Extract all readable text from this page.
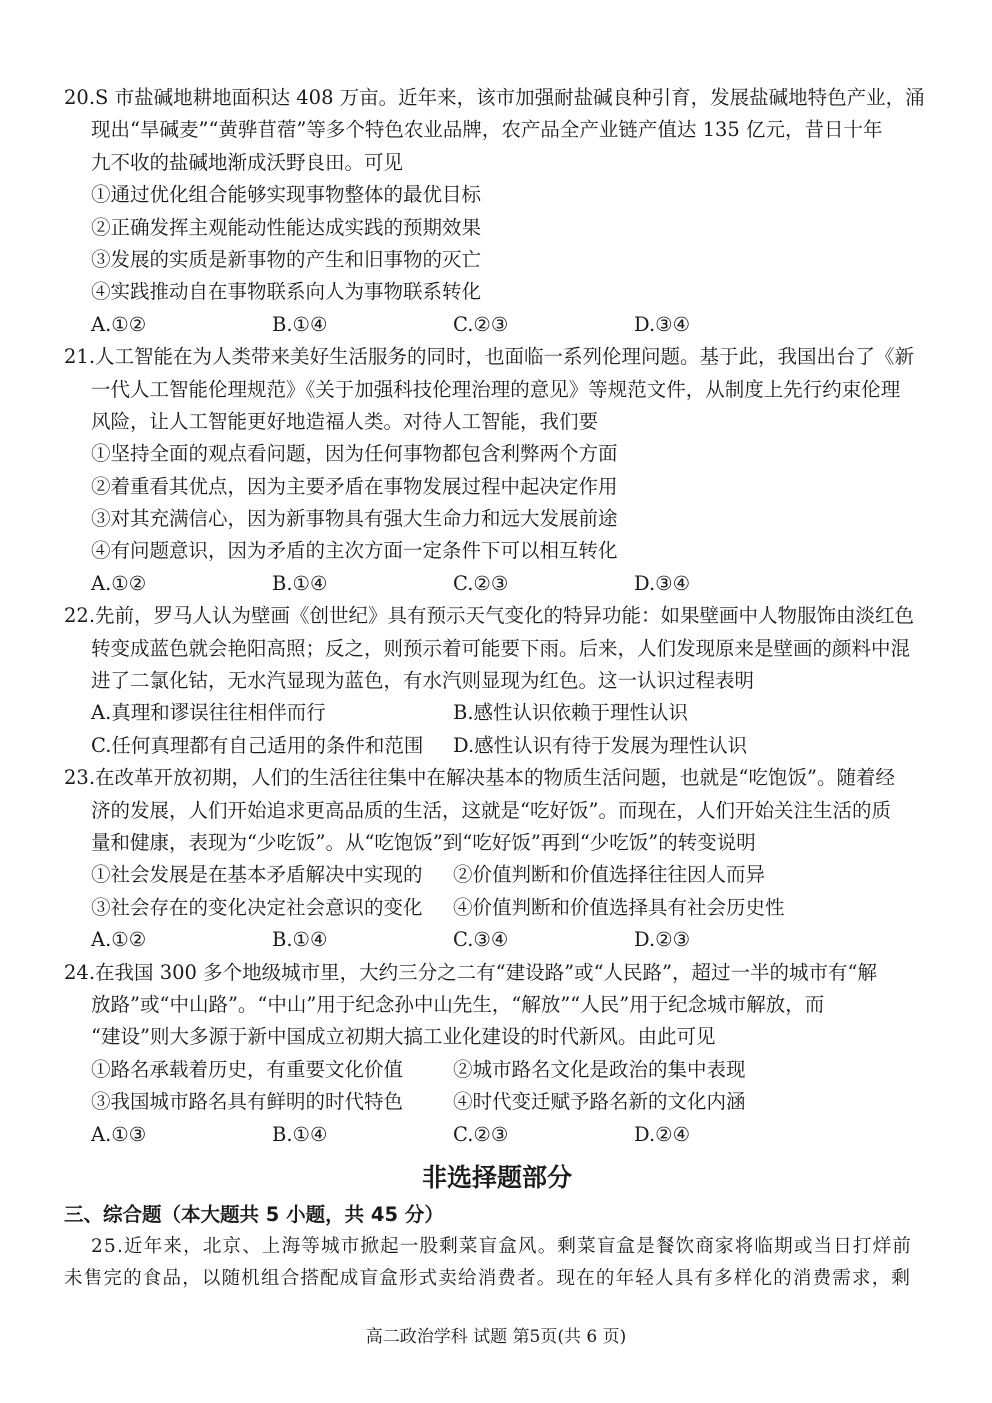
20.S 市盐碱地耕地面积达 408 万亩。近年来，该市加强耐盐碱良种引育，发展盐碱地特色产业，涌
现出“旱碱麦”“黄骅苜蓿”等多个特色农业品牌，农产品全产业链产值达 135 亿元，昔日十年
九不收的盐碱地渐成沃野良田。可见
①通过优化组合能够实现事物整体的最优目标
②正确发挥主观能动性能达成实践的预期效果
③发展的实质是新事物的产生和旧事物的灭亡
④实践推动自在事物联系向人为事物联系转化
A.①②	B.①④	C.②③	D.③④
21.人工智能在为人类带来美好生活服务的同时，也面临一系列伦理问题。基于此，我国出台了《新
一代人工智能伦理规范》《关于加强科技伦理治理的意见》等规范文件，从制度上先行约束伦理
风险，让人工智能更好地造福人类。对待人工智能，我们要
①坚持全面的观点看问题，因为任何事物都包含利弊两个方面
②着重看其优点，因为主要矛盾在事物发展过程中起决定作用
③对其充满信心，因为新事物具有强大生命力和远大发展前途
④有问题意识，因为矛盾的主次方面一定条件下可以相互转化
A.①②	B.①④	C.②③	D.③④
22.先前，罗马人认为壁画《创世纪》具有预示天气变化的特异功能：如果壁画中人物服饰由淡红色
转变成蓝色就会艳阳高照；反之，则预示着可能要下雨。后来，人们发现原来是壁画的颜料中混
进了二氯化钴，无水汽显现为蓝色，有水汽则显现为红色。这一认识过程表明
A.真理和谬误往往相伴而行	B.感性认识依赖于理性认识
C.任何真理都有自己适用的条件和范围	D.感性认识有待于发展为理性认识
23.在改革开放初期，人们的生活往往集中在解决基本的物质生活问题，也就是“吃饱饭”。随着经
济的发展，人们开始追求更高品质的生活，这就是“吃好饭”。而现在，人们开始关注生活的质
量和健康，表现为“少吃饭”。从“吃饱饭”到“吃好饭”再到“少吃饭”的转变说明
①社会发展是在基本矛盾解决中实现的	②价值判断和价值选择往往因人而异
③社会存在的变化决定社会意识的变化	④价值判断和价值选择具有社会历史性
A.①②	B.①④	C.③④	D.②③
24.在我国 300 多个地级城市里，大约三分之二有“建设路”或“人民路”，超过一半的城市有“解
放路”或“中山路”。“中山”用于纪念孙中山先生，“解放”“人民”用于纪念城市解放，而
“建设”则大多源于新中国成立初期大搞工业化建设的时代新风。由此可见
①路名承载着历史，有重要文化价值	②城市路名文化是政治的集中表现
③我国城市路名具有鲜明的时代特色	④时代变迁赋予路名新的文化内涵
A.①③	B.①④	C.②③	D.②④
非选择题部分
三、综合题（本大题共 5 小题，共 45 分）
25.近年来，北京、上海等城市掀起一股剩菜盲盒风。剩菜盲盒是餐饮商家将临期或当日打烊前
未售完的食品，以随机组合搭配成盲盒形式卖给消费者。现在的年轻人具有多样化的消费需求，剩
高二政治学科 试题 第5页(共 6 页)
